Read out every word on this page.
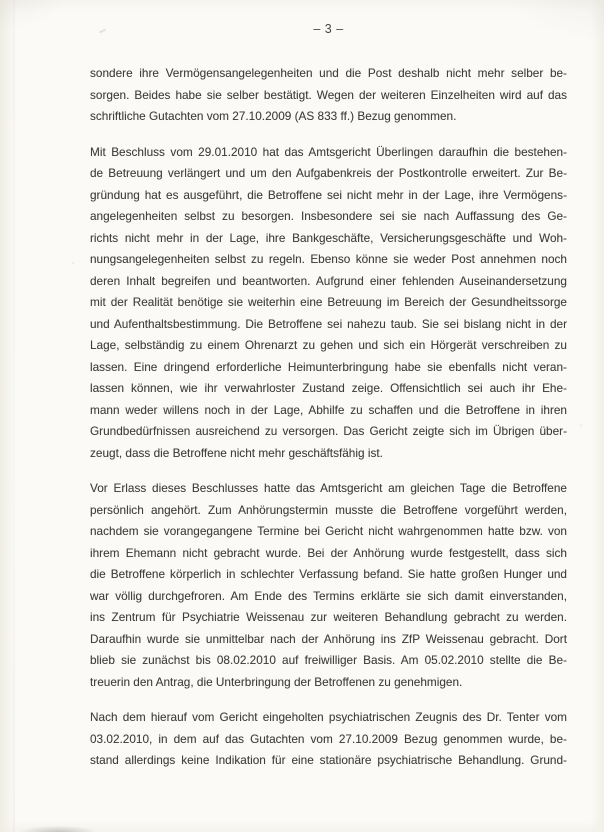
– 3 –
sondere ihre Vermögensangelegenheiten und die Post deshalb nicht mehr selber be-
sorgen. Beides habe sie selber bestätigt. Wegen der weiteren Einzelheiten wird auf das
schriftliche Gutachten vom 27.10.2009 (AS 833 ff.) Bezug genommen.
Mit Beschluss vom 29.01.2010 hat das Amtsgericht Überlingen daraufhin die bestehen-
de Betreuung verlängert und um den Aufgabenkreis der Postkontrolle erweitert. Zur Be-
gründung hat es ausgeführt, die Betroffene sei nicht mehr in der Lage, ihre Vermögens-
angelegenheiten selbst zu besorgen. Insbesondere sei sie nach Auffassung des Ge-
richts nicht mehr in der Lage, ihre Bankgeschäfte, Versicherungsgeschäfte und Woh-
nungsangelegenheiten selbst zu regeln. Ebenso könne sie weder Post annehmen noch
deren Inhalt begreifen und beantworten. Aufgrund einer fehlenden Auseinandersetzung
mit der Realität benötige sie weiterhin eine Betreuung im Bereich der Gesundheitssorge
und Aufenthaltsbestimmung. Die Betroffene sei nahezu taub. Sie sei bislang nicht in der
Lage, selbständig zu einem Ohrenarzt zu gehen und sich ein Hörgerät verschreiben zu
lassen. Eine dringend erforderliche Heimunterbringung habe sie ebenfalls nicht veran-
lassen können, wie ihr verwahrloster Zustand zeige. Offensichtlich sei auch ihr Ehe-
mann weder willens noch in der Lage, Abhilfe zu schaffen und die Betroffene in ihren
Grundbedürfnissen ausreichend zu versorgen. Das Gericht zeigte sich im Übrigen über-
zeugt, dass die Betroffene nicht mehr geschäftsfähig ist.
Vor Erlass dieses Beschlusses hatte das Amtsgericht am gleichen Tage die Betroffene
persönlich angehört. Zum Anhörungstermin musste die Betroffene vorgeführt werden,
nachdem sie vorangegangene Termine bei Gericht nicht wahrgenommen hatte bzw. von
ihrem Ehemann nicht gebracht wurde. Bei der Anhörung wurde festgestellt, dass sich
die Betroffene körperlich in schlechter Verfassung befand. Sie hatte großen Hunger und
war völlig durchgefroren. Am Ende des Termins erklärte sie sich damit einverstanden,
ins Zentrum für Psychiatrie Weissenau zur weiteren Behandlung gebracht zu werden.
Daraufhin wurde sie unmittelbar nach der Anhörung ins ZfP Weissenau gebracht. Dort
blieb sie zunächst bis 08.02.2010 auf freiwilliger Basis. Am 05.02.2010 stellte die Be-
treuerin den Antrag, die Unterbringung der Betroffenen zu genehmigen.
Nach dem hierauf vom Gericht eingeholten psychiatrischen Zeugnis des Dr. Tenter vom
03.02.2010, in dem auf das Gutachten vom 27.10.2009 Bezug genommen wurde, be-
stand allerdings keine Indikation für eine stationäre psychiatrische Behandlung. Grund-
